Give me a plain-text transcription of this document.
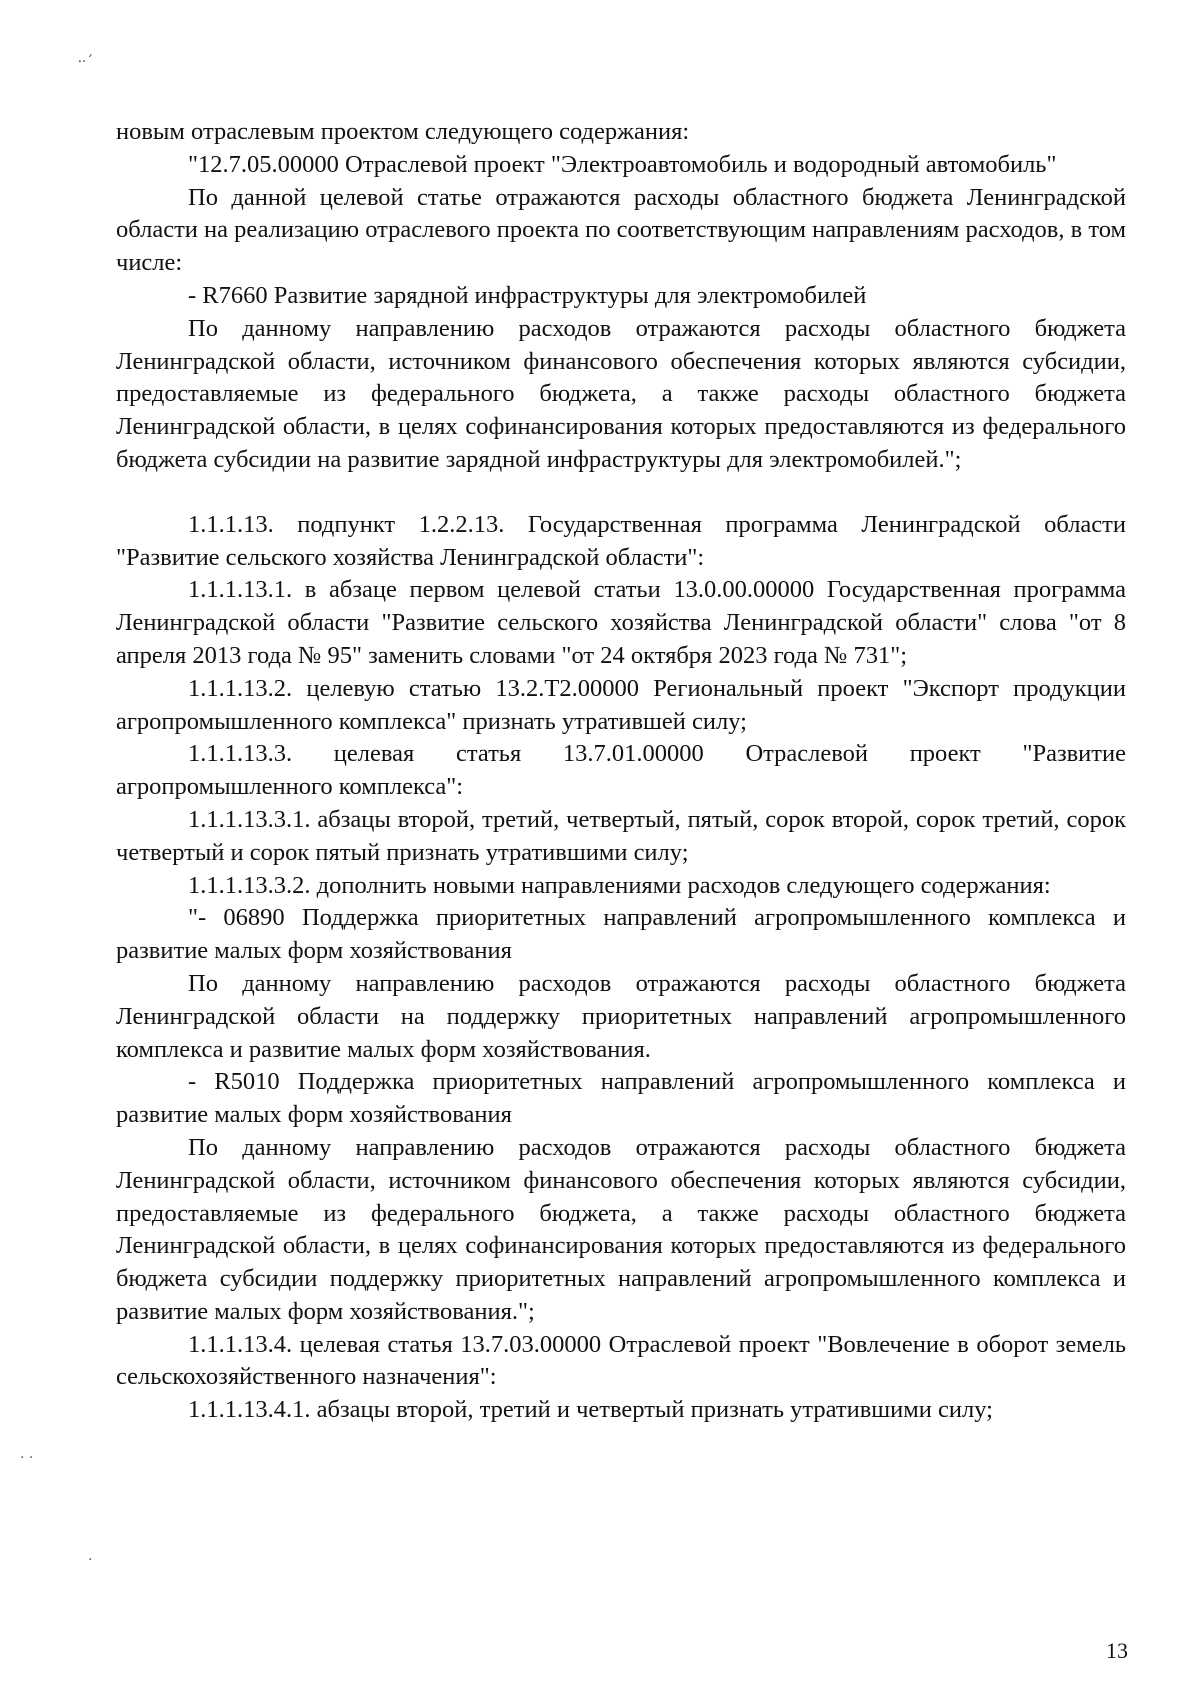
⸱·´
· ·
·

новым отраслевым проектом следующего содержания:

"12.7.05.00000 Отраслевой проект "Электроавтомобиль и водородный автомобиль"

По данной целевой статье отражаются расходы областного бюджета Ленинградской области на реализацию отраслевого проекта по соответствующим направлениям расходов, в том числе:

- R7660 Развитие зарядной инфраструктуры для электромобилей

По данному направлению расходов отражаются расходы областного бюджета Ленинградской области, источником финансового обеспечения которых являются субсидии, предоставляемые из федерального бюджета, а также расходы областного бюджета Ленинградской области, в целях софинансирования которых предоставляются из федерального бюджета субсидии на развитие зарядной инфраструктуры для электромобилей.";

1.1.1.13. подпункт 1.2.2.13. Государственная программа Ленинградской области "Развитие сельского хозяйства Ленинградской области":

1.1.1.13.1. в абзаце первом целевой статьи 13.0.00.00000 Государственная программа Ленинградской области "Развитие сельского хозяйства Ленинградской области" слова "от 8 апреля 2013 года № 95" заменить словами "от 24 октября 2023 года № 731";

1.1.1.13.2. целевую статью 13.2.Т2.00000 Региональный проект "Экспорт продукции агропромышленного комплекса" признать утратившей силу;

1.1.1.13.3. целевая статья 13.7.01.00000 Отраслевой проект "Развитие агропромышленного комплекса":

1.1.1.13.3.1. абзацы второй, третий, четвертый, пятый, сорок второй, сорок третий, сорок четвертый и сорок пятый признать утратившими силу;

1.1.1.13.3.2. дополнить новыми направлениями расходов следующего содержания:

"- 06890 Поддержка приоритетных направлений агропромышленного комплекса и развитие малых форм хозяйствования

По данному направлению расходов отражаются расходы областного бюджета Ленинградской области на поддержку приоритетных направлений агропромышленного комплекса и развитие малых форм хозяйствования.

- R5010 Поддержка приоритетных направлений агропромышленного комплекса и развитие малых форм хозяйствования

По данному направлению расходов отражаются расходы областного бюджета Ленинградской области, источником финансового обеспечения которых являются субсидии, предоставляемые из федерального бюджета, а также расходы областного бюджета Ленинградской области, в целях софинансирования которых предоставляются из федерального бюджета субсидии поддержку приоритетных направлений агропромышленного комплекса и развитие малых форм хозяйствования.";

1.1.1.13.4. целевая статья 13.7.03.00000 Отраслевой проект "Вовлечение в оборот земель сельскохозяйственного назначения":

1.1.1.13.4.1. абзацы второй, третий и четвертый признать утратившими силу;

13
